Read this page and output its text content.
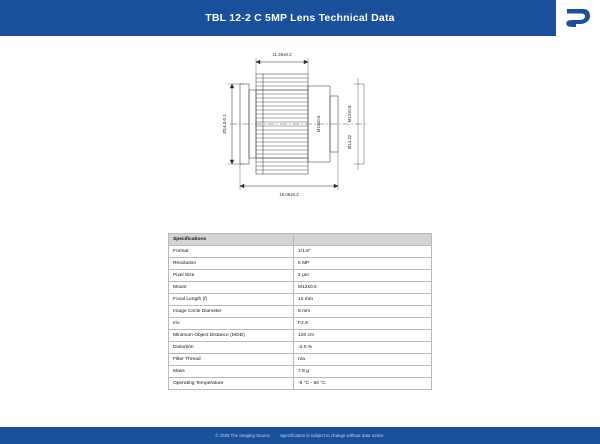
TBL 12-2 C 5MP Lens Technical Data
11.39±0.2
18.05±0.2
Ø14.3-0.1	M12x0.5
M12x0.5
Ø14.22
Specifications	
Format	1/1.8"
Resolution	5 MP
Pixel Size	2 µm
Mount	M12x0.5
Focal Length (f)	12 mm
Image Circle Diameter	9 mm
Iris	F2.8
Minimum Object Distance (MOD)	120 cm
Distortion	-2.0 %
Filter Thread	n/a
Mass	7.8 g
Operating Temperature	-5 °C - 50 °C
© 2020 The Imaging Source Specification is subject to change without data notice.
